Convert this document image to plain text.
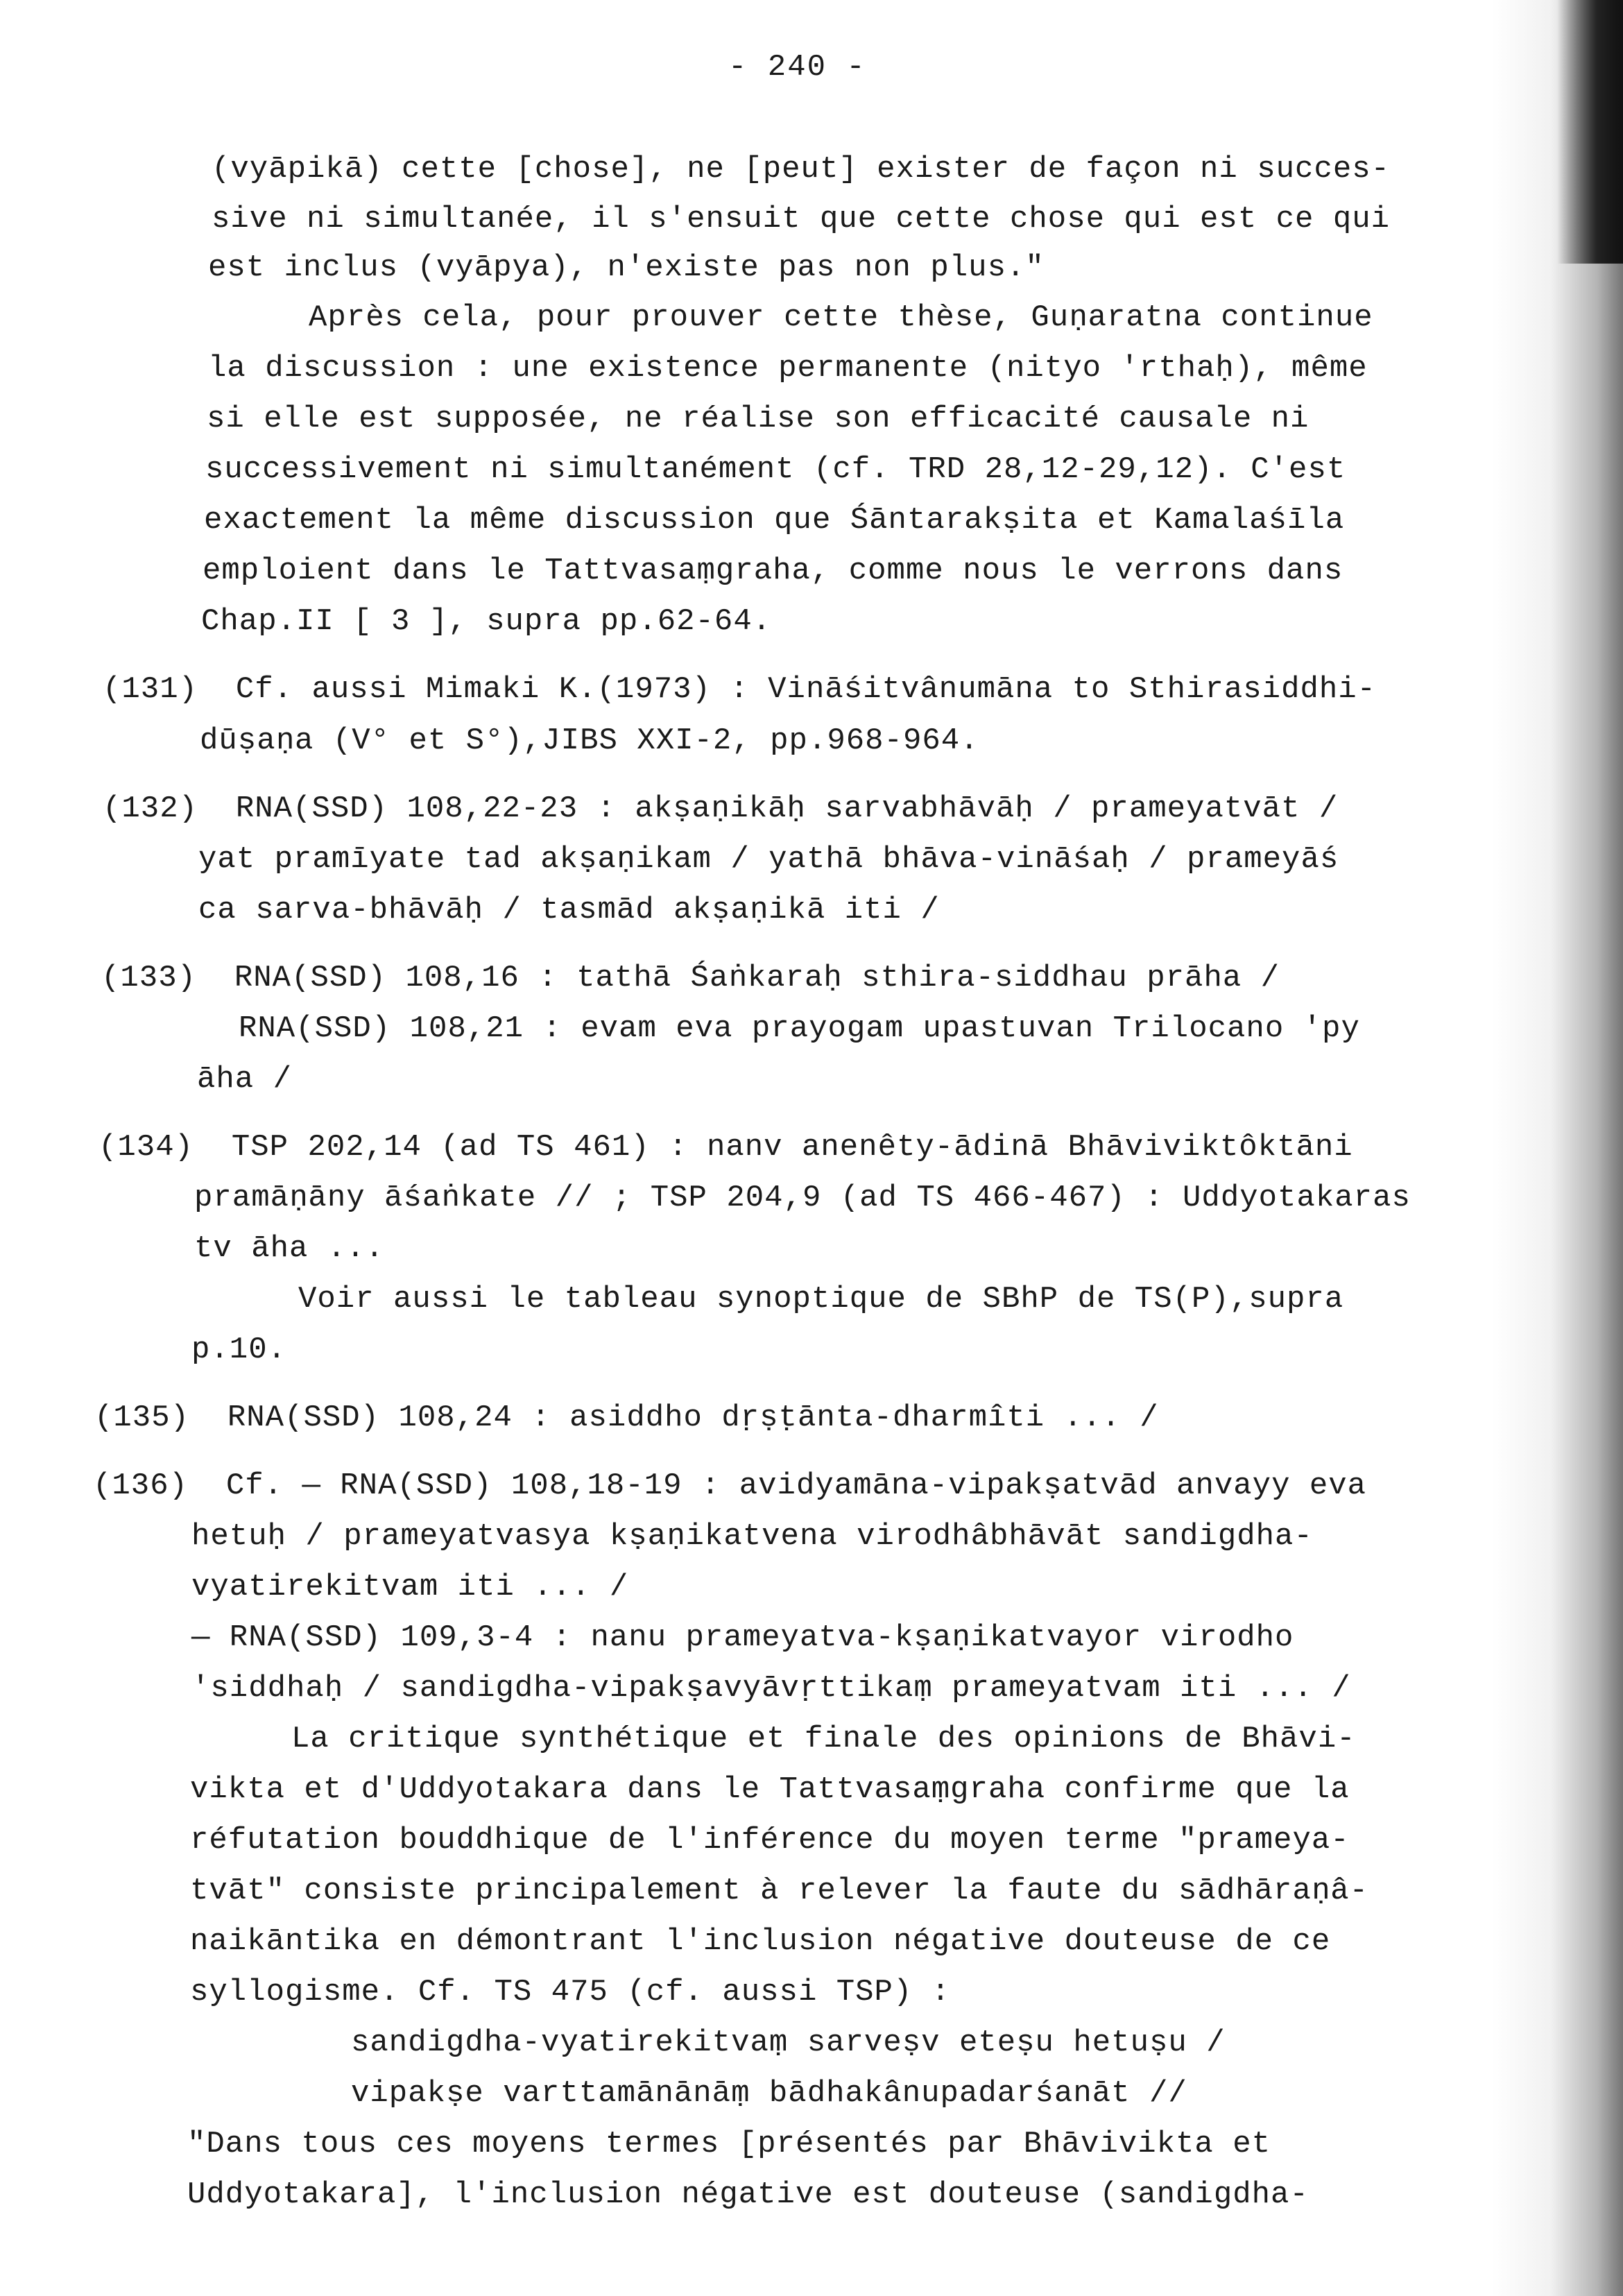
- 240 -
(vyāpikā) cette [chose], ne [peut] exister de façon ni succes-
sive ni simultanée, il s'ensuit que cette chose qui est ce qui
est inclus (vyāpya), n'existe pas non plus."
Après cela, pour prouver cette thèse, Guṇaratna continue
la discussion : une existence permanente (nityo 'rthaḥ), même
si elle est supposée, ne réalise son efficacité causale ni
successivement ni simultanément (cf. TRD 28,12-29,12). C'est
exactement la même discussion que Śāntarakṣita et Kamalaśīla
emploient dans le Tattvasaṃgraha, comme nous le verrons dans
Chap.II [ 3 ], supra pp.62-64.
(131)  Cf. aussi Mimaki K.(1973) : Vināśitvânumāna to Sthirasiddhi-
dūṣaṇa (V° et S°),JIBS XXI-2, pp.968-964.
(132)  RNA(SSD) 108,22-23 : akṣaṇikāḥ sarvabhāvāḥ / prameyatvāt /
yat pramīyate tad akṣaṇikam / yathā bhāva-vināśaḥ / prameyāś
ca sarva-bhāvāḥ / tasmād akṣaṇikā iti /
(133)  RNA(SSD) 108,16 : tathā Śaṅkaraḥ sthira-siddhau prāha /
RNA(SSD) 108,21 : evam eva prayogam upastuvan Trilocano 'py
āha /
(134)  TSP 202,14 (ad TS 461) : nanv anenêty-ādinā Bhāviviktôktāni
pramāṇāny āśaṅkate // ; TSP 204,9 (ad TS 466-467) : Uddyotakaras
tv āha ...
Voir aussi le tableau synoptique de SBhP de TS(P),supra
p.10.
(135)  RNA(SSD) 108,24 : asiddho dṛṣṭānta-dharmîti ... /
(136)  Cf. — RNA(SSD) 108,18-19 : avidyamāna-vipakṣatvād anvayy eva
hetuḥ / prameyatvasya kṣaṇikatvena virodhâbhāvāt sandigdha-
vyatirekitvam iti ... /
— RNA(SSD) 109,3-4 : nanu prameyatva-kṣaṇikatvayor virodho
'siddhaḥ / sandigdha-vipakṣavyāvṛttikaṃ prameyatvam iti ... /
La critique synthétique et finale des opinions de Bhāvi-
vikta et d'Uddyotakara dans le Tattvasaṃgraha confirme que la
réfutation bouddhique de l'inférence du moyen terme "prameya-
tvāt" consiste principalement à relever la faute du sādhāraṇâ-
naikāntika en démontrant l'inclusion négative douteuse de ce
syllogisme. Cf. TS 475 (cf. aussi TSP) :
sandigdha-vyatirekitvaṃ sarveṣv eteṣu hetuṣu /
vipakṣe varttamānānāṃ bādhakânupadarśanāt //
"Dans tous ces moyens termes [présentés par Bhāvivikta et
Uddyotakara], l'inclusion négative est douteuse (sandigdha-
